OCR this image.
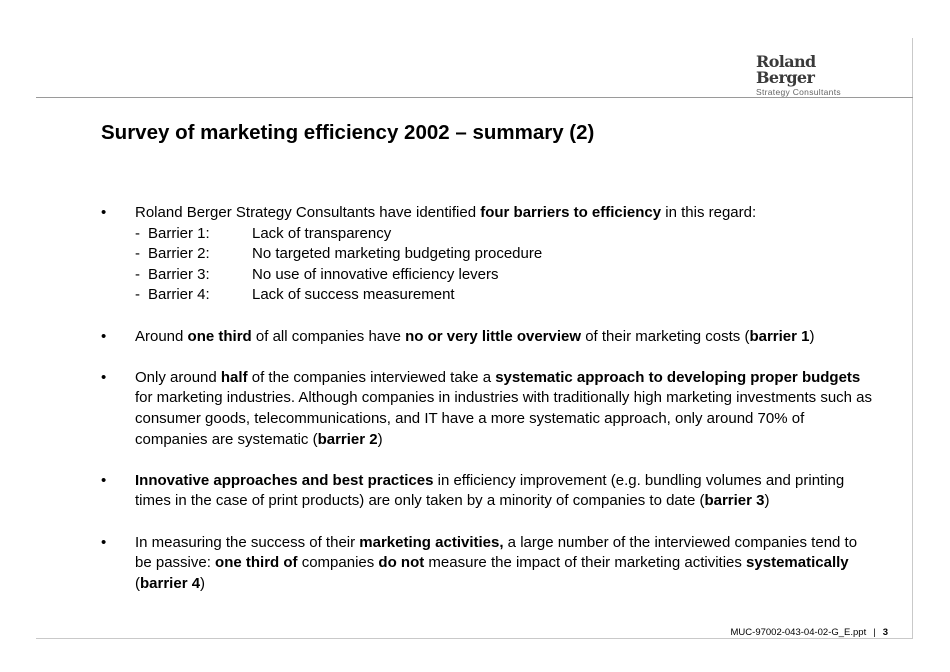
Roland Berger
Strategy Consultants
Survey of marketing efficiency 2002 – summary (2)
• Roland Berger Strategy Consultants have identified four barriers to efficiency in this regard:
- Barrier 1:	Lack of transparency
- Barrier 2:	No targeted marketing budgeting procedure
- Barrier 3:	No use of innovative efficiency levers
- Barrier 4:	Lack of success measurement
• Around one third of all companies have no or very little overview of their marketing costs (barrier 1)
• Only around half of the companies interviewed take a systematic approach to developing proper budgets for marketing industries. Although companies in industries with traditionally high marketing investments such as consumer goods, telecommunications, and IT have a more systematic approach, only around 70% of companies are systematic (barrier 2)
• Innovative approaches and best practices in efficiency improvement (e.g. bundling volumes and printing times in the case of print products) are only taken by a minority of companies to date (barrier 3)
• In measuring the success of their marketing activities, a large number of the interviewed companies tend to be passive: one third of companies do not measure the impact of their marketing activities systematically (barrier 4)
MUC-97002-043-04-02-G_E.ppt | 3
